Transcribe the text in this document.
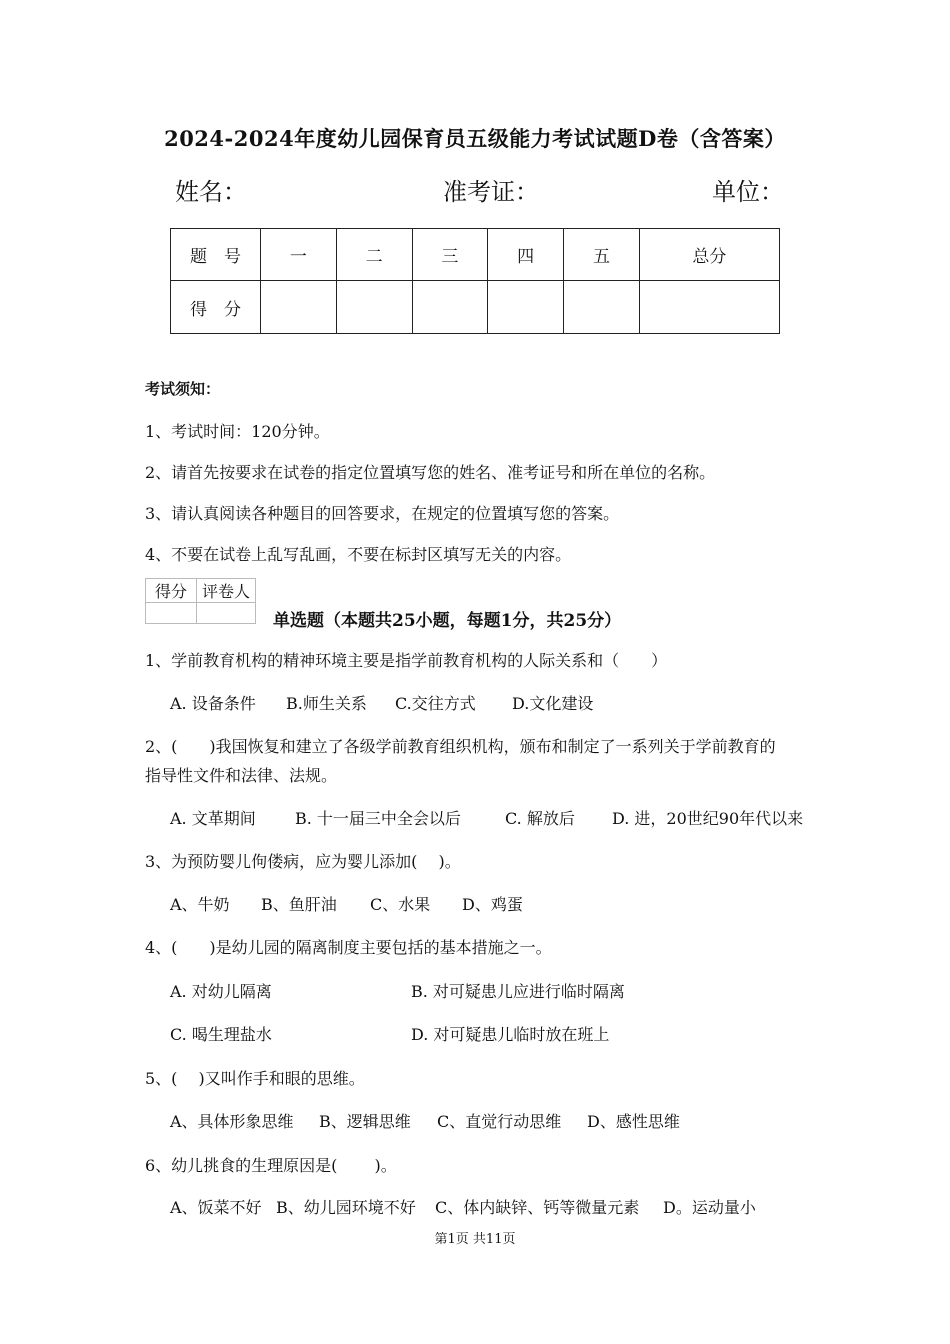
2024-2024年度幼儿园保育员五级能力考试试题D卷（含答案）
姓名：	准考证：	单位：
题　号	一	二	三	四	五	总分
得　分						
考试须知：
1、考试时间：120分钟。
2、请首先按要求在试卷的指定位置填写您的姓名、准考证号和所在单位的名称。
3、请认真阅读各种题目的回答要求，在规定的位置填写您的答案。
4、不要在试卷上乱写乱画，不要在标封区填写无关的内容。
得分	评卷人

单选题（本题共25小题，每题1分，共25分）
1、学前教育机构的精神环境主要是指学前教育机构的人际关系和（　　）
A. 设备条件 B.师生关系 C.交往方式 D.文化建设
2、(　　)我国恢复和建立了各级学前教育组织机构，颁布和制定了一系列关于学前教育的
指导性文件和法律、法规。
A. 文革期间 B. 十一届三中全会以后	C. 解放后 D. 进，20世纪90年代以来
3、为预防婴儿佝偻病，应为婴儿添加(　 )。
A、牛奶 B、鱼肝油 C、水果 D、鸡蛋
4、(　　)是幼儿园的隔离制度主要包括的基本措施之一。
A. 对幼儿隔离	B. 对可疑患儿应进行临时隔离
C. 喝生理盐水	D. 对可疑患儿临时放在班上
5、(　 )又叫作手和眼的思维。
A、具体形象思维 B、逻辑思维 C、直觉行动思维 D、感性思维
6、幼儿挑食的生理原因是(　　 )。
A、饭菜不好 B、幼儿园环境不好 C、体内缺锌、钙等微量元素 D。运动量小
第1页 共11页
